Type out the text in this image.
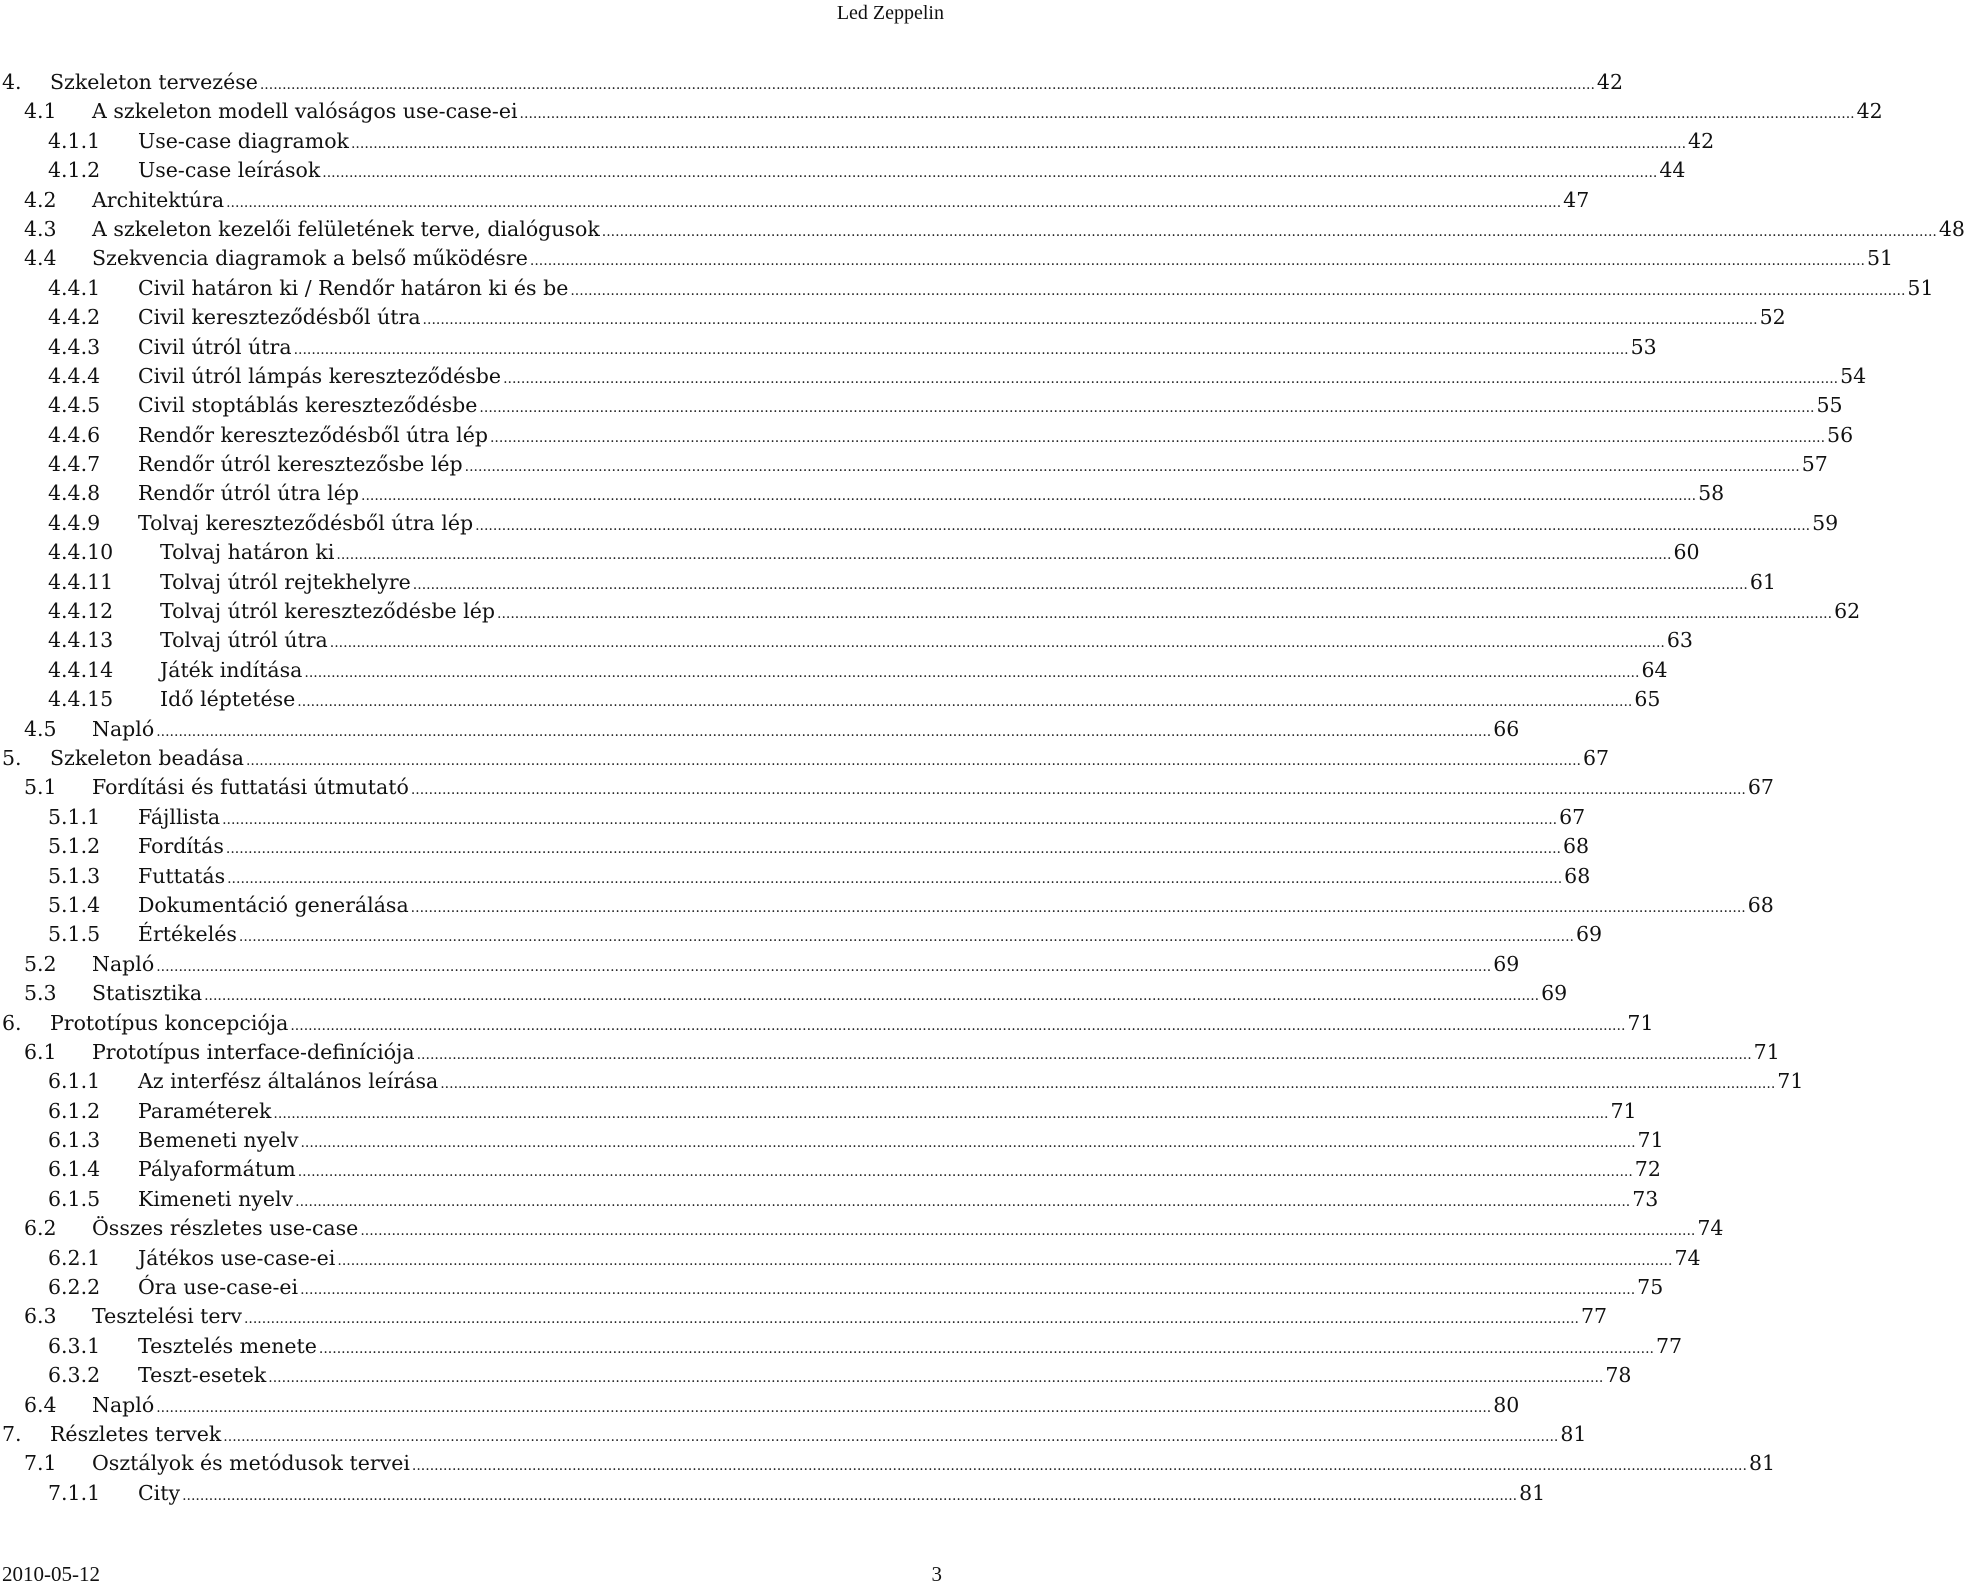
Led Zeppelin
4. Szkeleton tervezése ............................................................................................................................................................................................................................................................................................................ 42
4.1 A szkeleton modell valóságos use-case-ei ............................................................................................................................................................................................................................................................................................................ 42
4.1.1 Use-case diagramok ............................................................................................................................................................................................................................................................................................................ 42
4.1.2 Use-case leírások ............................................................................................................................................................................................................................................................................................................ 44
4.2 Architektúra ............................................................................................................................................................................................................................................................................................................ 47
4.3 A szkeleton kezelői felületének terve, dialógusok ............................................................................................................................................................................................................................................................................................................ 48
4.4 Szekvencia diagramok a belső működésre ............................................................................................................................................................................................................................................................................................................ 51
4.4.1 Civil határon ki / Rendőr határon ki és be ............................................................................................................................................................................................................................................................................................................ 51
4.4.2 Civil kereszteződésből útra ............................................................................................................................................................................................................................................................................................................ 52
4.4.3 Civil útról útra ............................................................................................................................................................................................................................................................................................................ 53
4.4.4 Civil útról lámpás kereszteződésbe ............................................................................................................................................................................................................................................................................................................ 54
4.4.5 Civil stoptáblás kereszteződésbe ............................................................................................................................................................................................................................................................................................................ 55
4.4.6 Rendőr kereszteződésből útra lép ............................................................................................................................................................................................................................................................................................................ 56
4.4.7 Rendőr útról keresztezősbe lép ............................................................................................................................................................................................................................................................................................................ 57
4.4.8 Rendőr útról útra lép ............................................................................................................................................................................................................................................................................................................ 58
4.4.9 Tolvaj kereszteződésből útra lép ............................................................................................................................................................................................................................................................................................................ 59
4.4.10 Tolvaj határon ki ............................................................................................................................................................................................................................................................................................................ 60
4.4.11 Tolvaj útról rejtekhelyre ............................................................................................................................................................................................................................................................................................................ 61
4.4.12 Tolvaj útról kereszteződésbe lép ............................................................................................................................................................................................................................................................................................................ 62
4.4.13 Tolvaj útról útra ............................................................................................................................................................................................................................................................................................................ 63
4.4.14 Játék indítása ............................................................................................................................................................................................................................................................................................................ 64
4.4.15 Idő léptetése ............................................................................................................................................................................................................................................................................................................ 65
4.5 Napló ............................................................................................................................................................................................................................................................................................................ 66
5. Szkeleton beadása ............................................................................................................................................................................................................................................................................................................ 67
5.1 Fordítási és futtatási útmutató ............................................................................................................................................................................................................................................................................................................ 67
5.1.1 Fájllista ............................................................................................................................................................................................................................................................................................................ 67
5.1.2 Fordítás ............................................................................................................................................................................................................................................................................................................ 68
5.1.3 Futtatás ............................................................................................................................................................................................................................................................................................................ 68
5.1.4 Dokumentáció generálása ............................................................................................................................................................................................................................................................................................................ 68
5.1.5 Értékelés ............................................................................................................................................................................................................................................................................................................ 69
5.2 Napló ............................................................................................................................................................................................................................................................................................................ 69
5.3 Statisztika ............................................................................................................................................................................................................................................................................................................ 69
6. Prototípus koncepciója ............................................................................................................................................................................................................................................................................................................ 71
6.1 Prototípus interface-definíciója ............................................................................................................................................................................................................................................................................................................ 71
6.1.1 Az interfész általános leírása ............................................................................................................................................................................................................................................................................................................ 71
6.1.2 Paraméterek ............................................................................................................................................................................................................................................................................................................ 71
6.1.3 Bemeneti nyelv ............................................................................................................................................................................................................................................................................................................ 71
6.1.4 Pályaformátum ............................................................................................................................................................................................................................................................................................................ 72
6.1.5 Kimeneti nyelv ............................................................................................................................................................................................................................................................................................................ 73
6.2 Összes részletes use-case ............................................................................................................................................................................................................................................................................................................ 74
6.2.1 Játékos use-case-ei ............................................................................................................................................................................................................................................................................................................ 74
6.2.2 Óra use-case-ei ............................................................................................................................................................................................................................................................................................................ 75
6.3 Tesztelési terv ............................................................................................................................................................................................................................................................................................................ 77
6.3.1 Tesztelés menete ............................................................................................................................................................................................................................................................................................................ 77
6.3.2 Teszt-esetek ............................................................................................................................................................................................................................................................................................................ 78
6.4 Napló ............................................................................................................................................................................................................................................................................................................ 80
7. Részletes tervek ............................................................................................................................................................................................................................................................................................................ 81
7.1 Osztályok és metódusok tervei ............................................................................................................................................................................................................................................................................................................ 81
7.1.1 City ............................................................................................................................................................................................................................................................................................................ 81
2010-05-12	3
